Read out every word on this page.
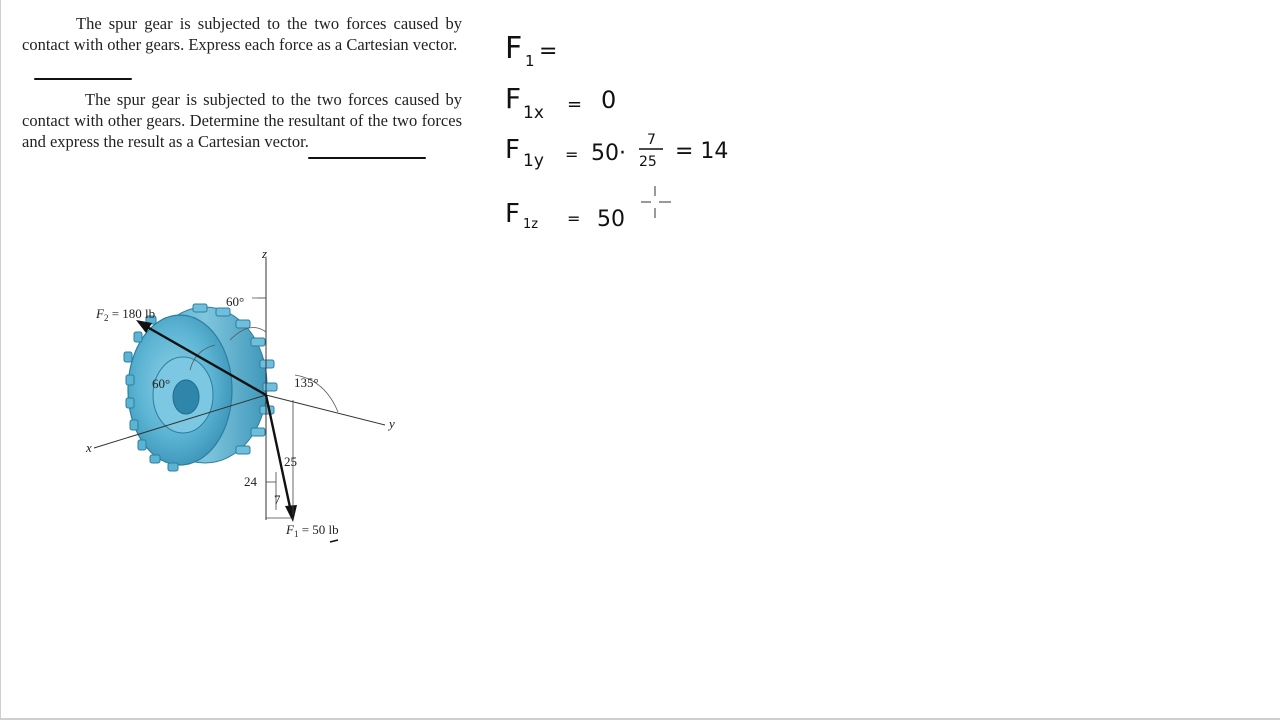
The spur gear is subjected to the two forces caused by contact with other gears. Express each force as a Cartesian vector.
The spur gear is subjected to the two forces caused by contact with other gears. Determine the resultant of the two forces and express the result as a Cartesian vector.
z
y
x
$F_2 = 180$ lb
60°
60°	135°
25
24
7
$F_1 = 50$ lb
F 1 =
F 1x = 0
F 1y = 50·
7
25 = 14
F 1z = 50
